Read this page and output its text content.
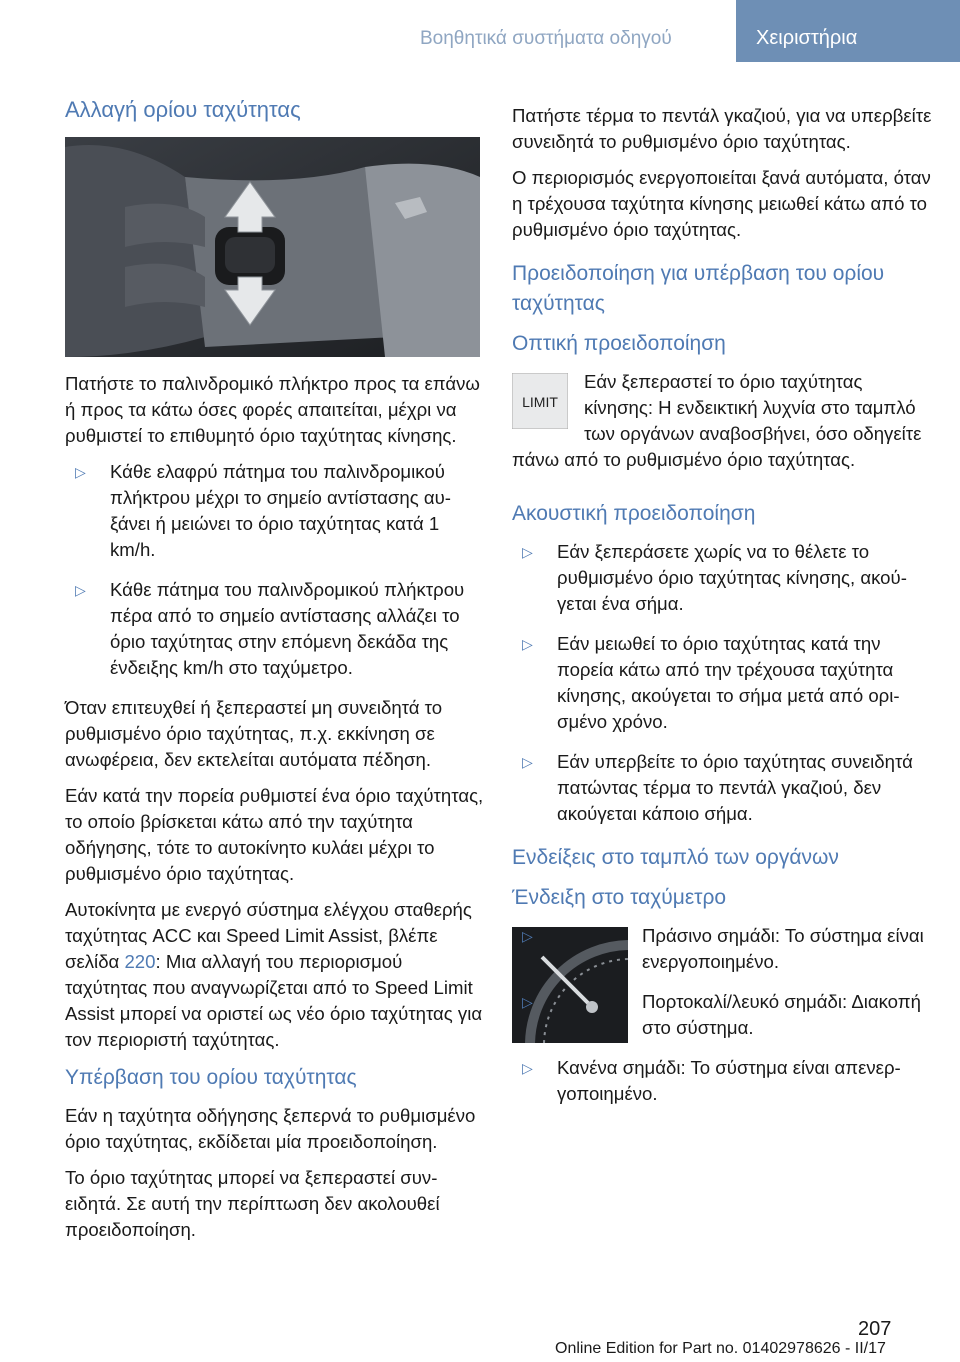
Βοηθητικά συστήματα οδηγού	Χειριστήρια
Αλλαγή ορίου ταχύτητας

Πατήστε το παλινδρομικό πλήκτρο προς τα επάνω ή προς τα κάτω όσες φορές απαιτείται, μέχρι να ρυθμιστεί το επιθυμητό όριο ταχύτητας κίνησης.

▷ Κάθε ελαφρύ πάτημα του παλινδρομικού πλήκτρου μέχρι το σημείο αντίστασης αυξάνει ή μειώνει το όριο ταχύτητας κατά 1 km/h.
▷ Κάθε πάτημα του παλινδρομικού πλήκτρου πέρα από το σημείο αντίστασης αλλάζει το όριο ταχύτητας στην επόμενη δεκάδα της ένδειξης km/h στο ταχύμετρο.

Όταν επιτευχθεί ή ξεπεραστεί μη συνειδητά το ρυθμισμένο όριο ταχύτητας, π.χ. εκκίνηση σε ανωφέρεια, δεν εκτελείται αυτόματα πέδηση.

Εάν κατά την πορεία ρυθμιστεί ένα όριο ταχύτητας, το οποίο βρίσκεται κάτω από την ταχύτητα οδήγησης, τότε το αυτοκίνητο κυλάει μέχρι το ρυθμισμένο όριο ταχύτητας.

Αυτοκίνητα με ενεργό σύστημα ελέγχου σταθερής ταχύτητας ACC και Speed Limit Assist, βλέπε σελίδα 220: Μια αλλαγή του περιορισμού ταχύτητας που αναγνωρίζεται από το Speed Limit Assist μπορεί να οριστεί ως νέο όριο ταχύτητας για τον περιοριστή ταχύτητας.

Υπέρβαση του ορίου ταχύτητας

Εάν η ταχύτητα οδήγησης ξεπερνά το ρυθμισμένο όριο ταχύτητας, εκδίδεται μία προειδοποίηση.

Το όριο ταχύτητας μπορεί να ξεπεραστεί συνειδητά. Σε αυτή την περίπτωση δεν ακολουθεί προειδοποίηση.

Πατήστε τέρμα το πεντάλ γκαζιού, για να υπερβείτε συνειδητά το ρυθμισμένο όριο ταχύτητας.

Ο περιορισμός ενεργοποιείται ξανά αυτόματα, όταν η τρέχουσα ταχύτητα κίνησης μειωθεί κάτω από το ρυθμισμένο όριο ταχύτητας.

Προειδοποίηση για υπέρβαση του ορίου ταχύτητας
Οπτική προειδοποίηση
LIMIT

Εάν ξεπεραστεί το όριο ταχύτητας κίνησης: Η ενδεικτική λυχνία στο ταμπλό των οργάνων αναβοσβήνει, όσο οδηγείτε πάνω από το ρυθμισμένο όριο ταχύτητας.

Ακουστική προειδοποίηση
▷ Εάν ξεπεράσετε χωρίς να το θέλετε το ρυθμισμένο όριο ταχύτητας κίνησης, ακούγεται ένα σήμα.
▷ Εάν μειωθεί το όριο ταχύτητας κατά την πορεία κάτω από την τρέχουσα ταχύτητα κίνησης, ακούγεται το σήμα μετά από ορισμένο χρόνο.
▷ Εάν υπερβείτε το όριο ταχύτητας συνειδητά πατώντας τέρμα το πεντάλ γκαζιού, δεν ακούγεται κάποιο σήμα.
Ενδείξεις στο ταμπλό των οργάνων
Ένδειξη στο ταχύμετρο
▷	Πράσινο σημάδι: Το σύστημα είναι ενεργοποιημένο.
▷	Πορτοκαλί/λευκό σημάδι: Διακοπή στο σύστημα.
▷ Κανένα σημάδι: Το σύστημα είναι απενεργοποιημένο.
207
Online Edition for Part no. 01402978626 - II/17
